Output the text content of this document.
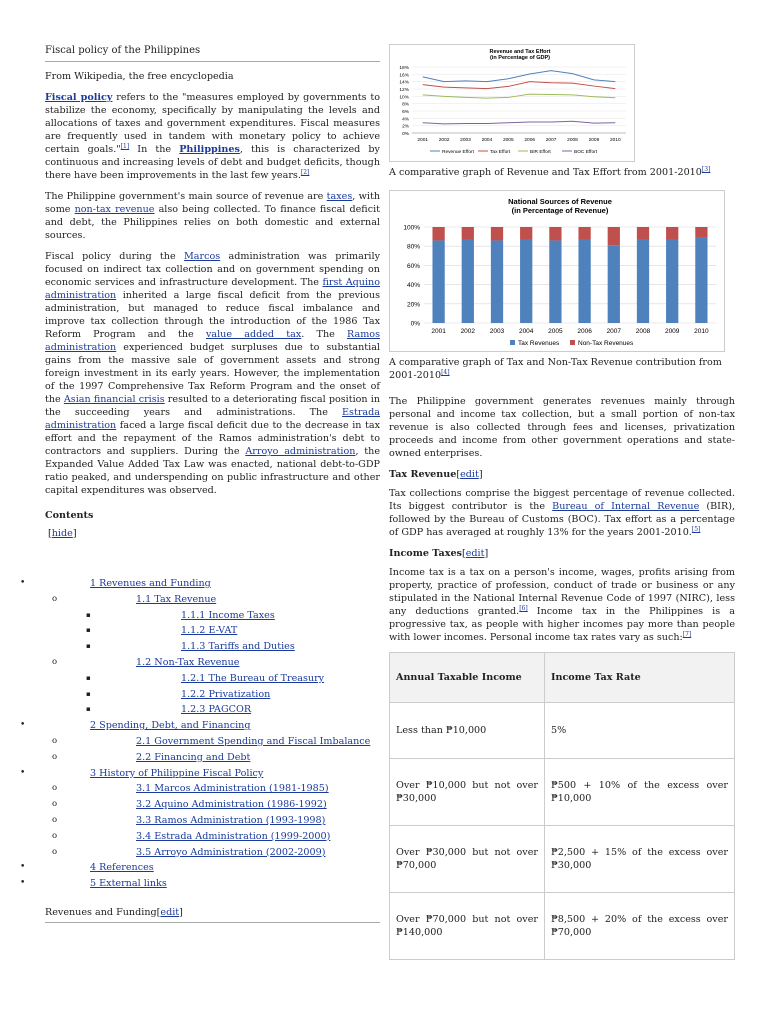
Fiscal policy of the Philippines
From Wikipedia, the free encyclopedia

Fiscal policy refers to the "measures employed by governments to stabilize the economy, specifically by manipulating the levels and allocations of taxes and government expenditures. Fiscal measures are frequently used in tandem with monetary policy to achieve certain goals."[1] In the Philippines, this is characterized by continuous and increasing levels of debt and budget deficits, though there have been improvements in the last few years.[2]

The Philippine government's main source of revenue are taxes, with some non-tax revenue also being collected. To finance fiscal deficit and debt, the Philippines relies on both domestic and external sources.

Fiscal policy during the Marcos administration was primarily focused on indirect tax collection and on government spending on economic services and infrastructure development. The first Aquino administration inherited a large fiscal deficit from the previous administration, but managed to reduce fiscal imbalance and improve tax collection through the introduction of the 1986 Tax Reform Program and the value added tax. The Ramos administration experienced budget surpluses due to substantial gains from the massive sale of government assets and strong foreign investment in its early years. However, the implementation of the 1997 Comprehensive Tax Reform Program and the onset of the Asian financial crisis resulted to a deteriorating fiscal position in the succeeding years and administrations. The Estrada administration faced a large fiscal deficit due to the decrease in tax effort and the repayment of the Ramos administration's debt to contractors and suppliers. During the Arroyo administration, the Expanded Value Added Tax Law was enacted, national debt-to-GDP ratio peaked, and underspending on public infrastructure and other capital expenditures was observed.

Contents
[hide]
•	1 Revenues and Funding
o	1.1 Tax Revenue
▪	1.1.1 Income Taxes
▪	1.1.2 E-VAT
▪	1.1.3 Tariffs and Duties
o	1.2 Non-Tax Revenue
▪	1.2.1 The Bureau of Treasury
▪	1.2.2 Privatization
▪	1.2.3 PAGCOR
•	2 Spending, Debt, and Financing
o	2.1 Government Spending and Fiscal Imbalance
o	2.2 Financing and Debt
•	3 History of Philippine Fiscal Policy
o	3.1 Marcos Administration (1981-1985)
o	3.2 Aquino Administration (1986-1992)
o	3.3 Ramos Administration (1993-1998)
o	3.4 Estrada Administration (1999-2000)
o	3.5 Arroyo Administration (2002-2009)
•	4 References
•	5 External links
Revenues and Funding[edit]
Revenue and Tax Effort
(in Percentage of GDP)
0%
2%
4%
6%
8%
10%
12%
14%
16%
18%
2001 2002 2003 2004 2005 2006 2007 2008 2009 2010
Revenue Effort	Tax Effort	BIR Effort	BOC Effort
A comparative graph of Revenue and Tax Effort from 2001-2010[3]
National Sources of Revenue
(in Percentage of Revenue)
0%
20%
40%
60%
80%
100%
2001 2002 2003 2004 2005 2006 2007 2008 2009 2010
Tax Revenues	Non-Tax Revenues
A comparative graph of Tax and Non-Tax Revenue contribution from 2001-2010[4]

The Philippine government generates revenues mainly through personal and income tax collection, but a small portion of non-tax revenue is also collected through fees and licenses, privatization proceeds and income from other government operations and state-owned enterprises.

Tax Revenue[edit]

Tax collections comprise the biggest percentage of revenue collected. Its biggest contributor is the Bureau of Internal Revenue (BIR), followed by the Bureau of Customs (BOC). Tax effort as a percentage of GDP has averaged at roughly 13% for the years 2001-2010.[5]

Income Taxes[edit]

Income tax is a tax on a person's income, wages, profits arising from property, practice of profession, conduct of trade or business or any stipulated in the National Internal Revenue Code of 1997 (NIRC), less any deductions granted.[6] Income tax in the Philippines is a progressive tax, as people with higher incomes pay more than people with lower incomes. Personal income tax rates vary as such:[7]

Annual Taxable Income	Income Tax Rate
Less than ₱10,000	5%
Over ₱10,000 but not over ₱30,000	₱500 + 10% of the excess over ₱10,000
Over ₱30,000 but not over ₱70,000	₱2,500 + 15% of the excess over ₱30,000
Over ₱70,000 but not over ₱140,000	₱8,500 + 20% of the excess over ₱70,000
